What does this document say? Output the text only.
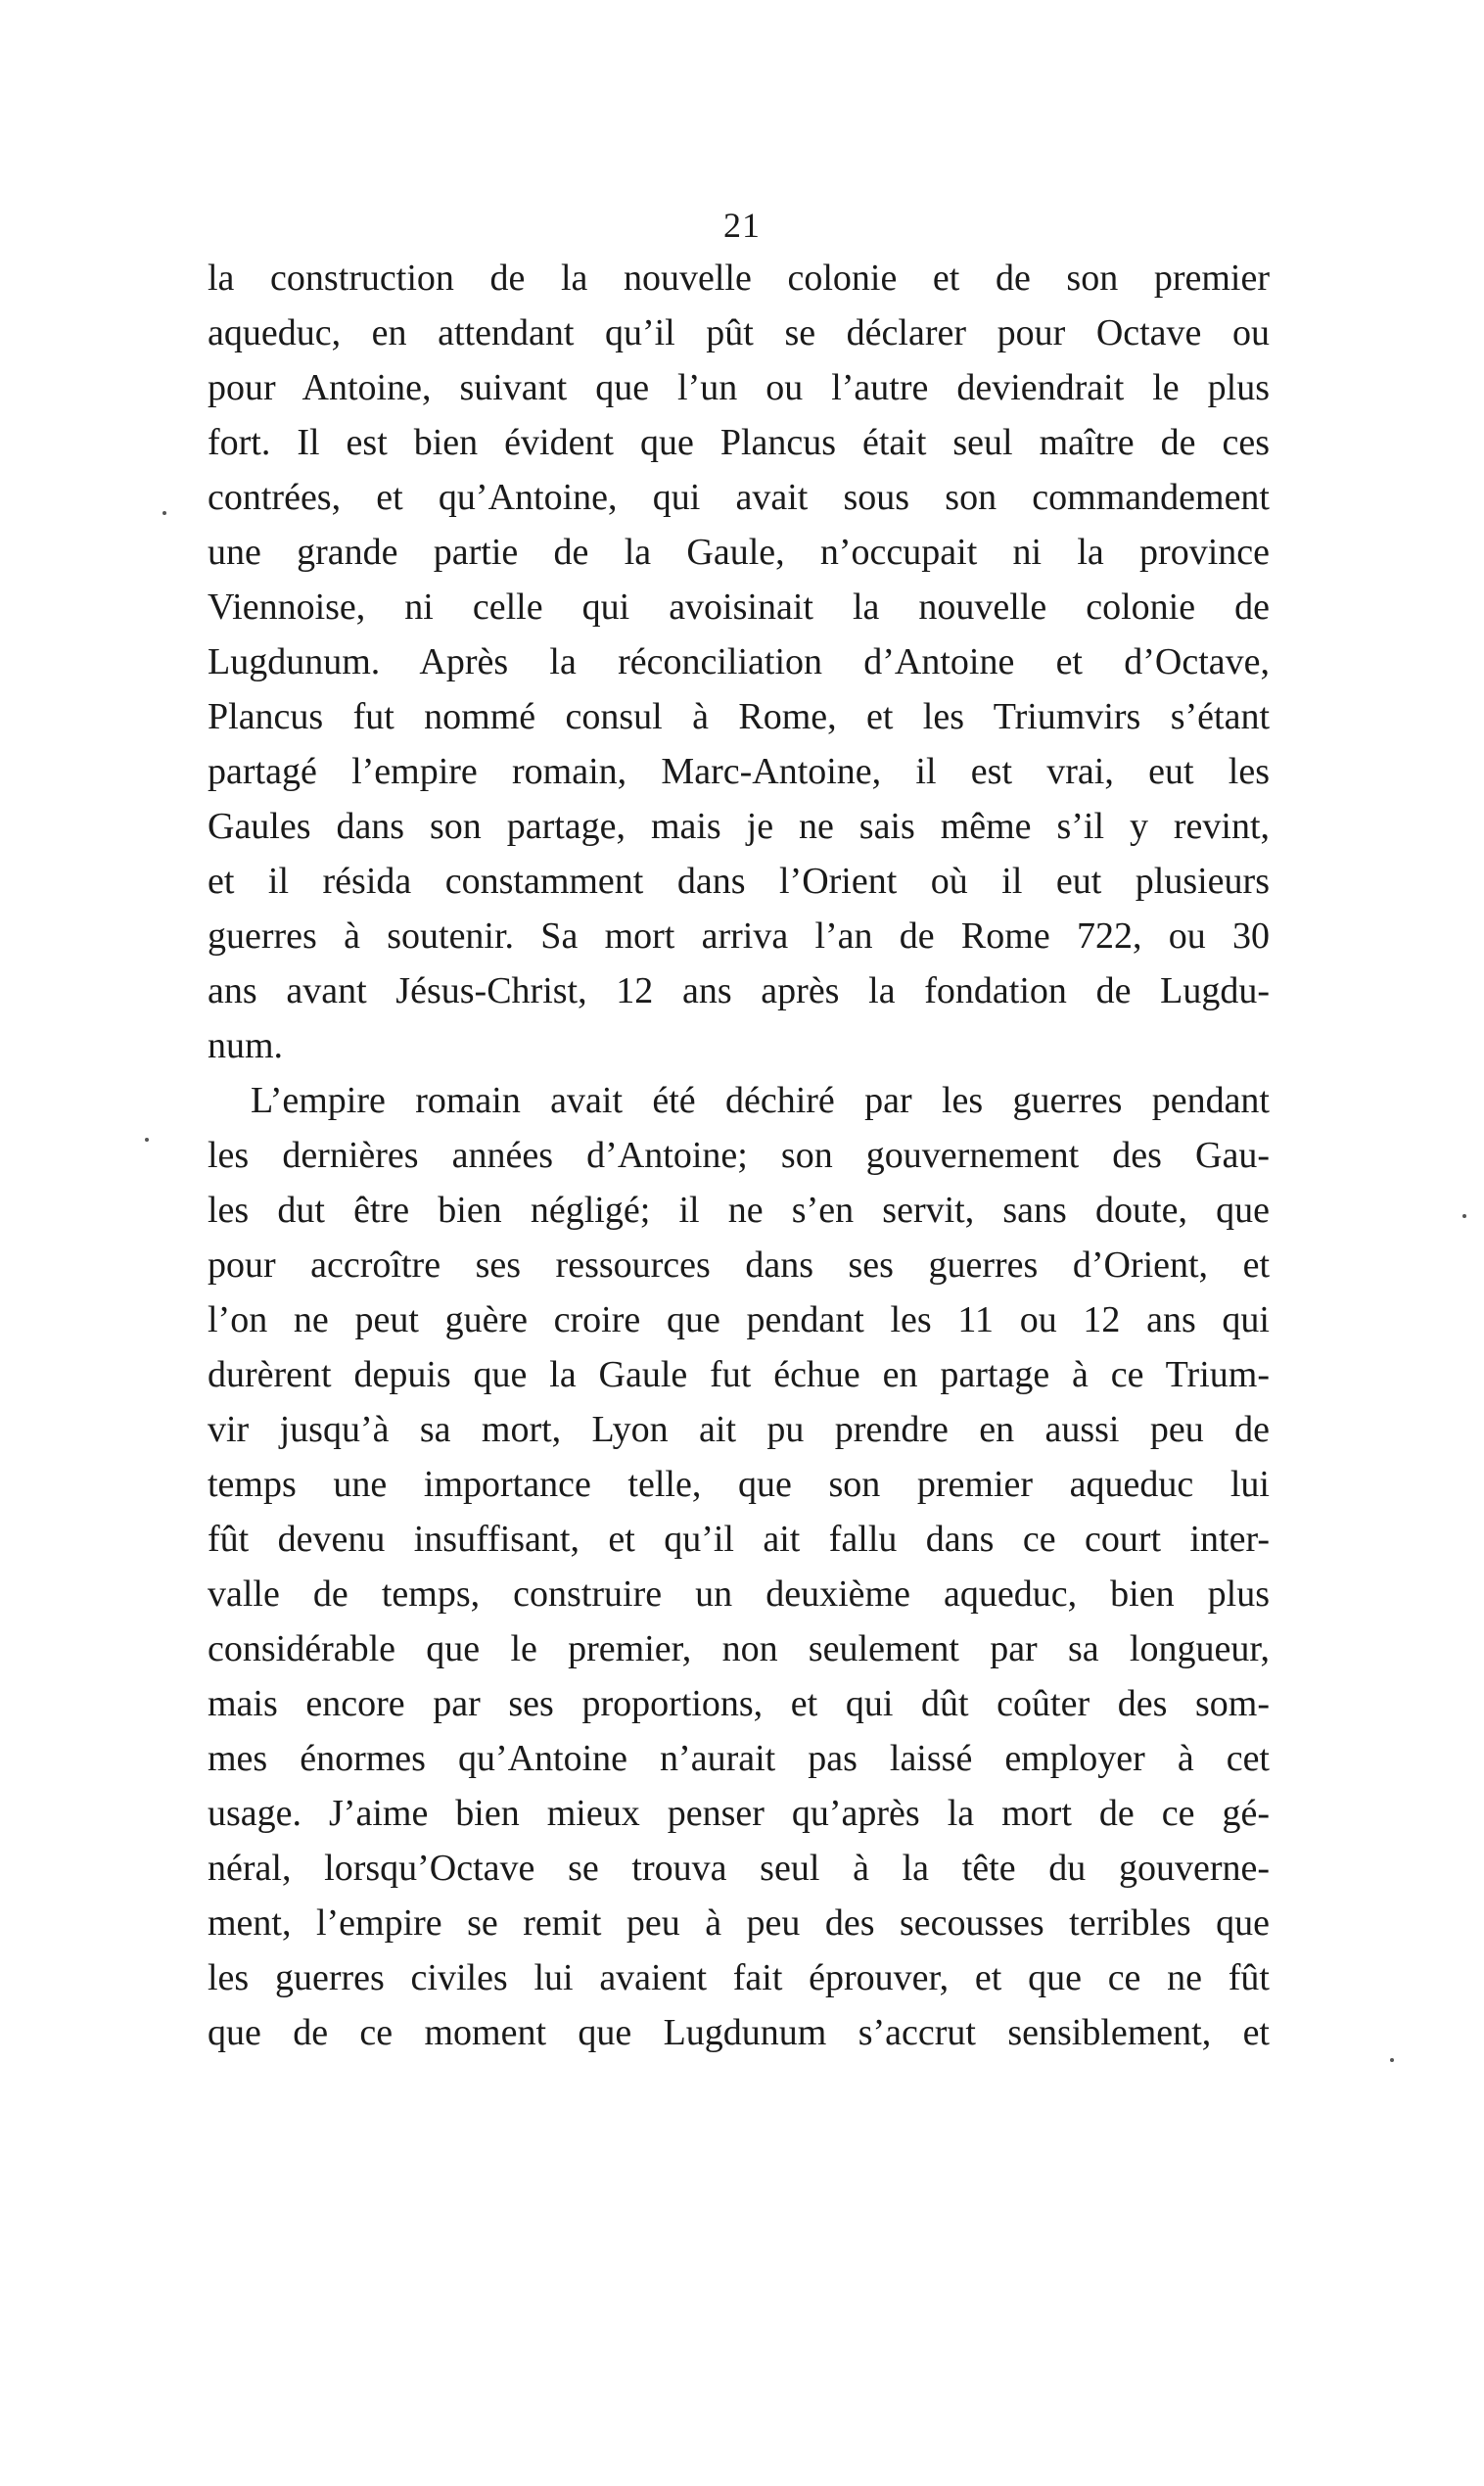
21
la construction de la nouvelle colonie et de son premier
aqueduc, en attendant qu’il pût se déclarer pour Octave ou
pour Antoine, suivant que l’un ou l’autre deviendrait le plus
fort. Il est bien évident que Plancus était seul maître de ces
contrées, et qu’Antoine, qui avait sous son commandement
une grande partie de la Gaule, n’occupait ni la province
Viennoise, ni celle qui avoisinait la nouvelle colonie de
Lugdunum. Après la réconciliation d’Antoine et d’Octave,
Plancus fut nommé consul à Rome, et les Triumvirs s’étant
partagé l’empire romain, Marc-Antoine, il est vrai, eut les
Gaules dans son partage, mais je ne sais même s’il y revint,
et il résida constamment dans l’Orient où il eut plusieurs
guerres à soutenir. Sa mort arriva l’an de Rome 722, ou 30
ans avant Jésus-Christ, 12 ans après la fondation de Lugdu-
num.
L’empire romain avait été déchiré par les guerres pendant
les dernières années d’Antoine; son gouvernement des Gau-
les dut être bien négligé; il ne s’en servit, sans doute, que
pour accroître ses ressources dans ses guerres d’Orient, et
l’on ne peut guère croire que pendant les 11 ou 12 ans qui
durèrent depuis que la Gaule fut échue en partage à ce Trium-
vir jusqu’à sa mort, Lyon ait pu prendre en aussi peu de
temps une importance telle, que son premier aqueduc lui
fût devenu insuffisant, et qu’il ait fallu dans ce court inter-
valle de temps, construire un deuxième aqueduc, bien plus
considérable que le premier, non seulement par sa longueur,
mais encore par ses proportions, et qui dût coûter des som-
mes énormes qu’Antoine n’aurait pas laissé employer à cet
usage. J’aime bien mieux penser qu’après la mort de ce gé-
néral, lorsqu’Octave se trouva seul à la tête du gouverne-
ment, l’empire se remit peu à peu des secousses terribles que
les guerres civiles lui avaient fait éprouver, et que ce ne fût
que de ce moment que Lugdunum s’accrut sensiblement, et
